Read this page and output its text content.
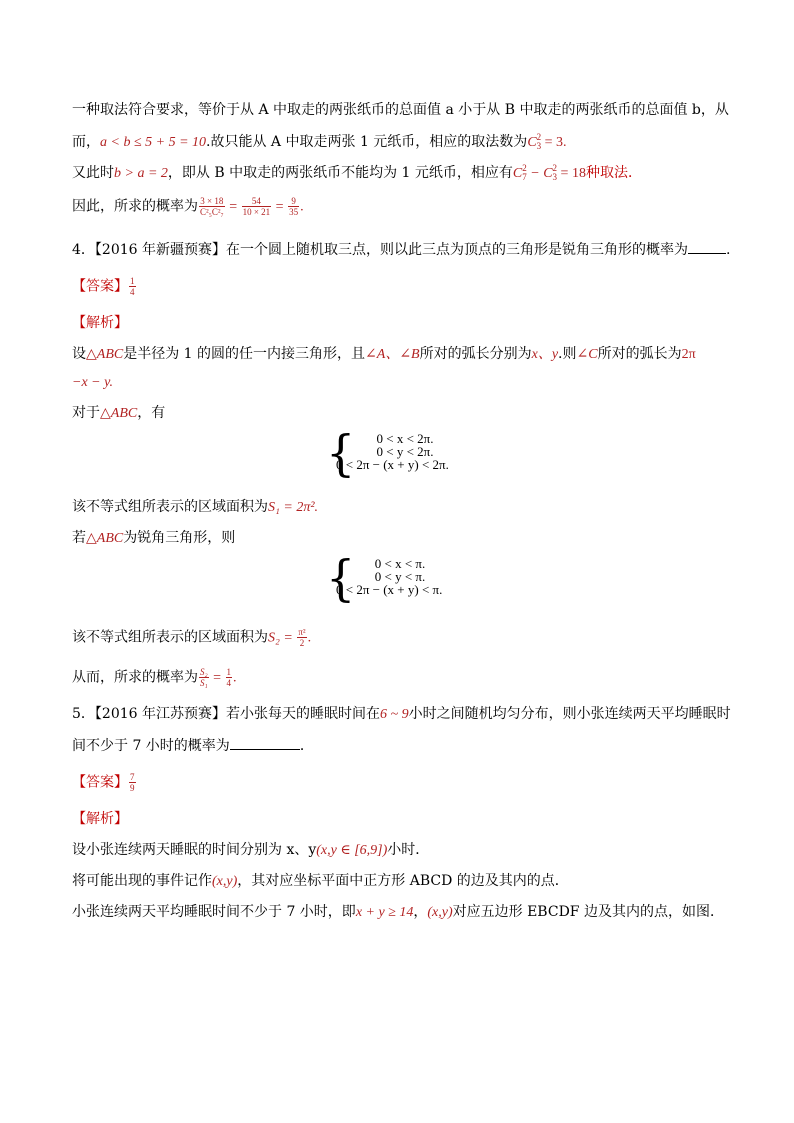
一种取法符合要求，等价于从 A 中取走的两张纸币的总面值 a 小于从 B 中取走的两张纸币的总面值 b，从
而，a < b ≤ 5 + 5 = 10.故只能从 A 中取走两张 1 元纸币，相应的取法数为C 2
3 = 3.
又此时b > a = 2，即从 B 中取走的两张纸币不能均为 1 元纸币，相应有C 2
7 − C 2
3 = 18种取法．
因此，所求的概率为 $\frac{3 \times 18}{\text{C²₅C²₇}} = \frac{54}{10 \times 21} = \frac{9}{35}$ .
4．【2016 年新疆预赛】在一个圆上随机取三点，则以此三点为顶点的三角形是锐角三角形的概率为	.
【答案】 $\frac{1}{4}$
【解析】
设△ABC是半径为 1 的圆的任一内接三角形，且∠A、∠B所对的弧长分别为x、y.则∠C所对的弧长为2π
−x − y.
对于△ABC，有
{	0 < x < 2π.
0 < y < 2π.
0 < 2π − (x + y) < 2π.
该不等式组所表示的区域面积为S₁ = 2π².
若△ABC为锐角三角形，则
{	0 < x < π.
0 < y < π.
0 < 2π − (x + y) < π.
该不等式组所表示的区域面积为$S_2 = \frac{\text{π²}}{2}$ .
从而，所求的概率为 $\frac{\text{S₂}}{\text{S₁}} = \frac{1}{4}$ .
5．【2016 年江苏预赛】若小张每天的睡眠时间在6 ~ 9小时之间随机均匀分布，则小张连续两天平均睡眠时
间不少于 7 小时的概率为	．
【答案】 $\frac{7}{9}$
【解析】
设小张连续两天睡眠的时间分别为 x、y(x,y ∈ [6,9])小时．
将可能出现的事件记作(x,y)，其对应坐标平面中正方形 ABCD 的边及其内的点．
小张连续两天平均睡眠时间不少于 7 小时，即x + y ≥ 14，(x,y)对应五边形 EBCDF 边及其内的点，如图．
